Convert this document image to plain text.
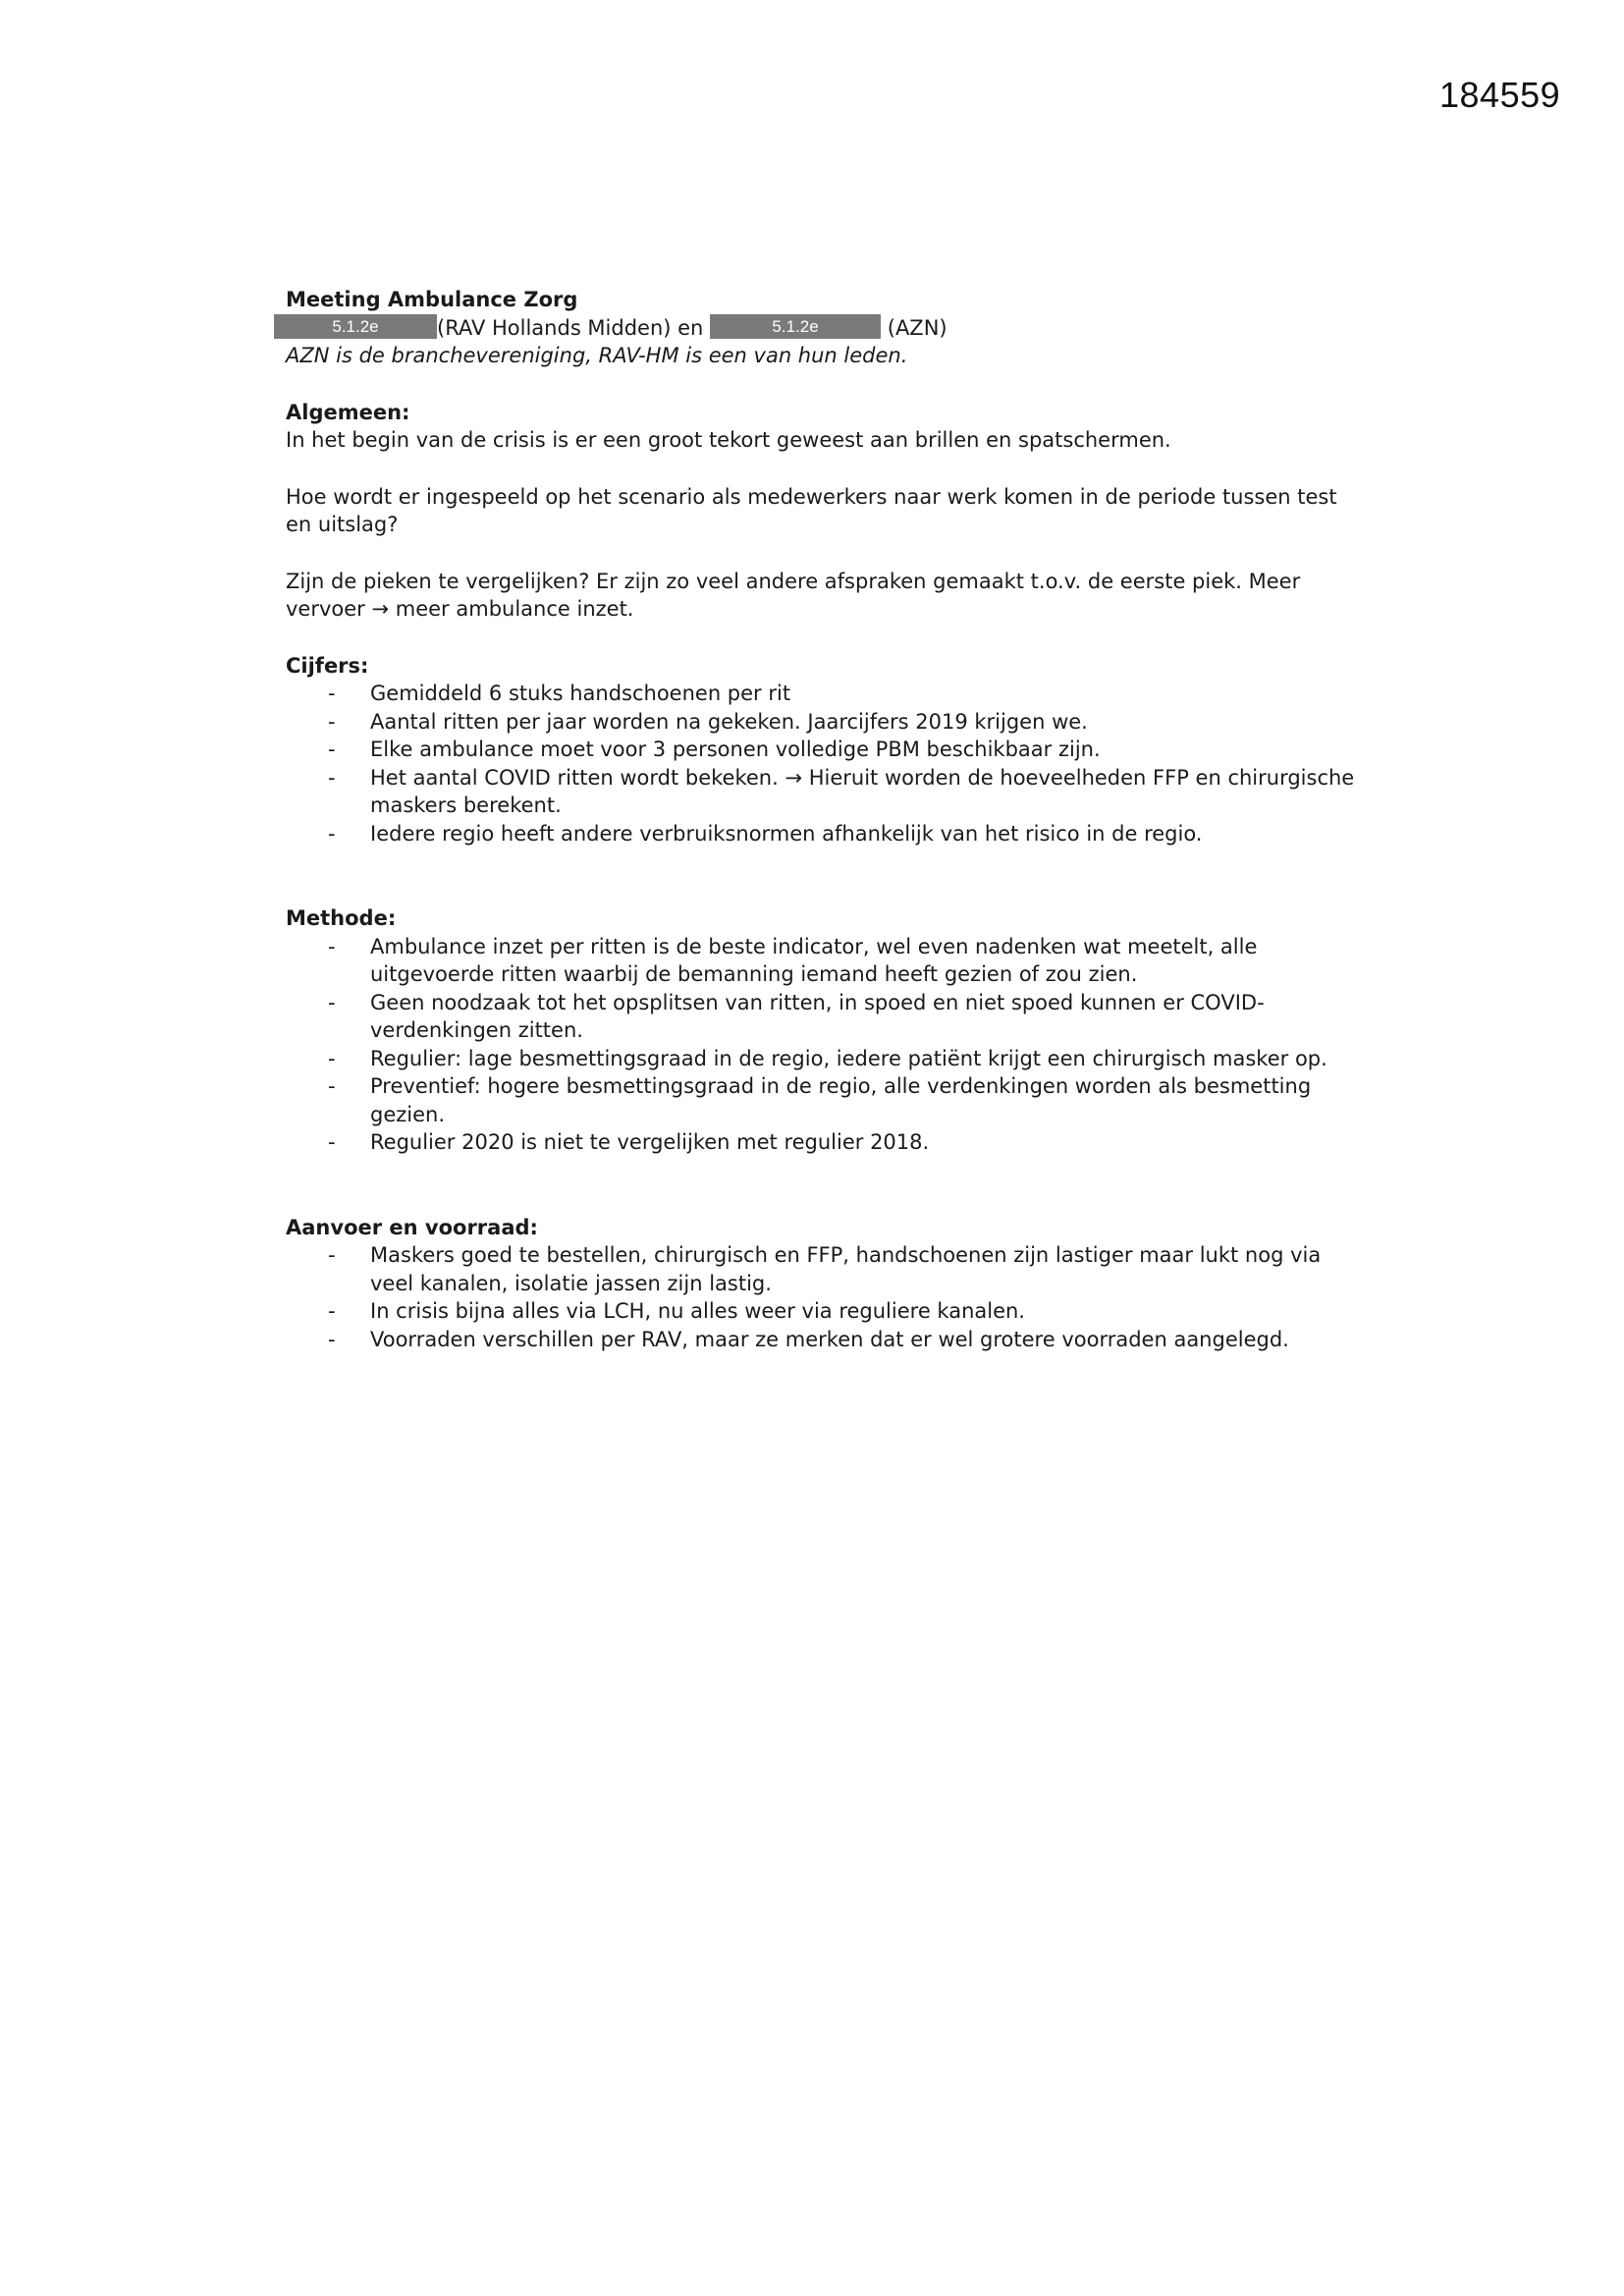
184559

Meeting Ambulance Zorg

5.1.2e	(RAV Hollands Midden) en	5.1.2e	(AZN)

AZN is de branchevereniging, RAV-HM is een van hun leden.

Algemeen:

In het begin van de crisis is er een groot tekort geweest aan brillen en spatschermen.

Hoe wordt er ingespeeld op het scenario als medewerkers naar werk komen in de periode tussen test en uitslag?

Zijn de pieken te vergelijken? Er zijn zo veel andere afspraken gemaakt t.o.v. de eerste piek. Meer vervoer → meer ambulance inzet.

Cijfers:

- Gemiddeld 6 stuks handschoenen per rit
- Aantal ritten per jaar worden na gekeken. Jaarcijfers 2019 krijgen we.
- Elke ambulance moet voor 3 personen volledige PBM beschikbaar zijn.
- Het aantal COVID ritten wordt bekeken. → Hieruit worden de hoeveelheden FFP en chirurgische maskers berekent.
- Iedere regio heeft andere verbruiksnormen afhankelijk van het risico in de regio.

Methode:

- Ambulance inzet per ritten is de beste indicator, wel even nadenken wat meetelt, alle uitgevoerde ritten waarbij de bemanning iemand heeft gezien of zou zien.
- Geen noodzaak tot het opsplitsen van ritten, in spoed en niet spoed kunnen er COVID-verdenkingen zitten.
- Regulier: lage besmettingsgraad in de regio, iedere patiënt krijgt een chirurgisch masker op.
- Preventief: hogere besmettingsgraad in de regio, alle verdenkingen worden als besmetting gezien.
- Regulier 2020 is niet te vergelijken met regulier 2018.

Aanvoer en voorraad:

- Maskers goed te bestellen, chirurgisch en FFP, handschoenen zijn lastiger maar lukt nog via veel kanalen, isolatie jassen zijn lastig.
- In crisis bijna alles via LCH, nu alles weer via reguliere kanalen.
- Voorraden verschillen per RAV, maar ze merken dat er wel grotere voorraden aangelegd.
